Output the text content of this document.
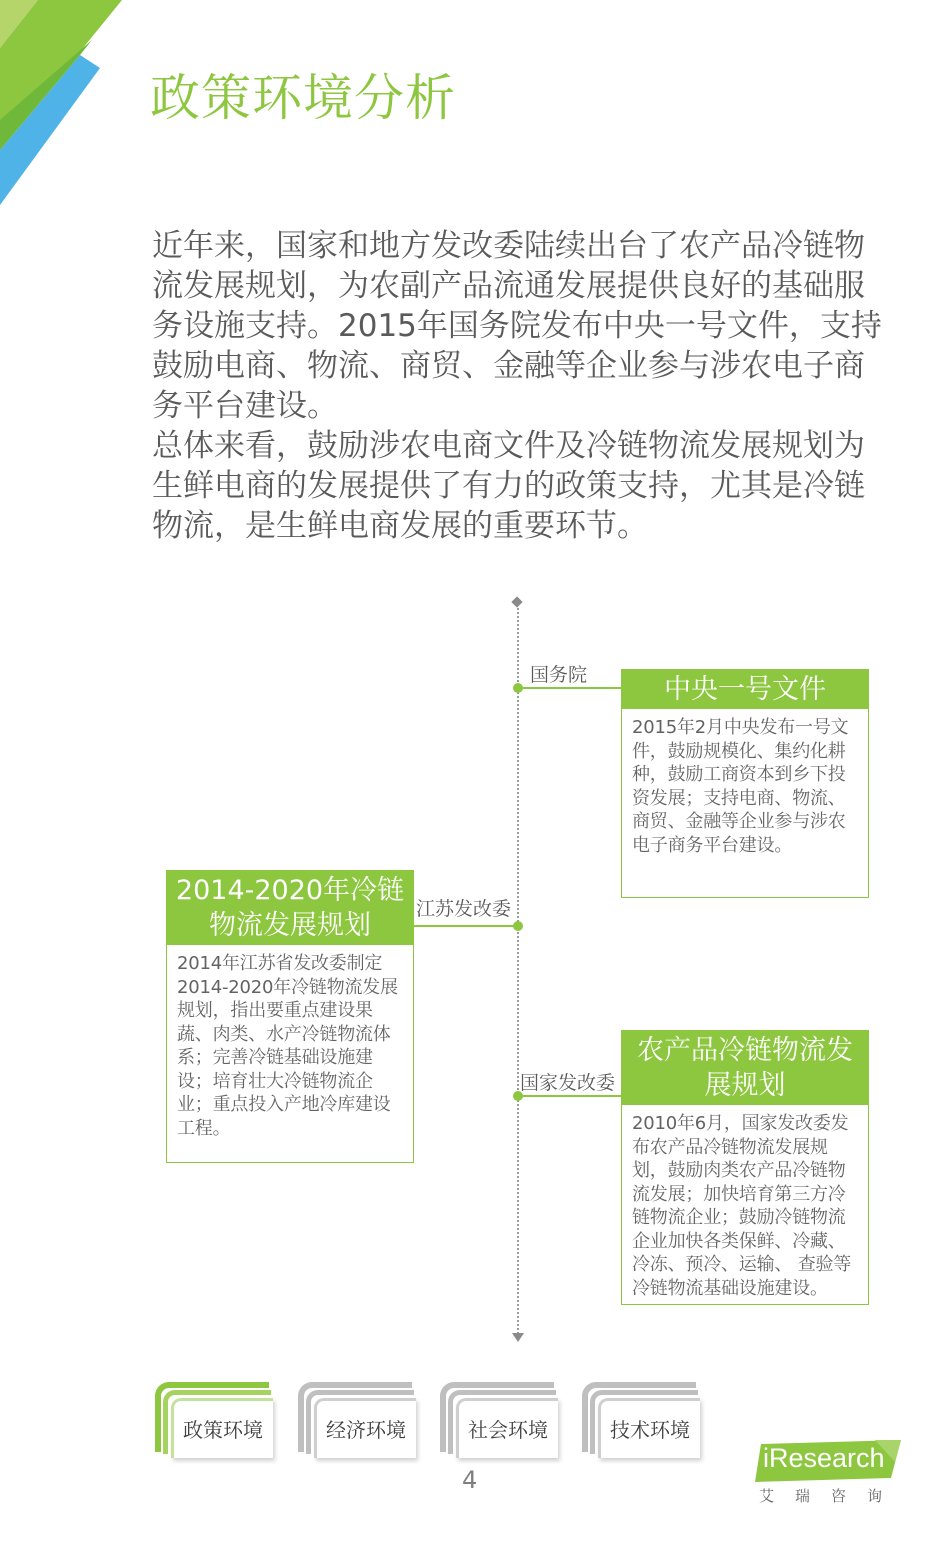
政策环境分析

近年来，国家和地方发改委陆续出台了农产品冷链物流发展规划，为农副产品流通发展提供良好的基础服务设施支持。2015年国务院发布中央一号文件，支持鼓励电商、物流、商贸、金融等企业参与涉农电子商务平台建设。

总体来看，鼓励涉农电商文件及冷链物流发展规划为生鲜电商的发展提供了有力的政策支持，尤其是冷链物流，是生鲜电商发展的重要环节。

国务院	中央一号文件
2015年2月中央发布一号文件，鼓励规模化、集约化耕种，鼓励工商资本到乡下投资发展；支持电商、物流、商贸、金融等企业参与涉农电子商务平台建设。
江苏发改委
2014-2020年冷链物流发展规划
2014年江苏省发改委制定2014-2020年冷链物流发展规划，指出要重点建设果蔬、肉类、水产冷链物流体系；完善冷链基础设施建设；培育壮大冷链物流企业；重点投入产地冷库建设工程。
国家发改委
农产品冷链物流发展规划
2010年6月，国家发改委发布农产品冷链物流发展规划，鼓励肉类农产品冷链物流发展；加快培育第三方冷链物流企业；鼓励冷链物流企业加快各类保鲜、冷藏、冷冻、预冷、运输、 查验等冷链物流基础设施建设。
政策环境	经济环境	社会环境	技术环境
4
iResearch
艾瑞咨询
